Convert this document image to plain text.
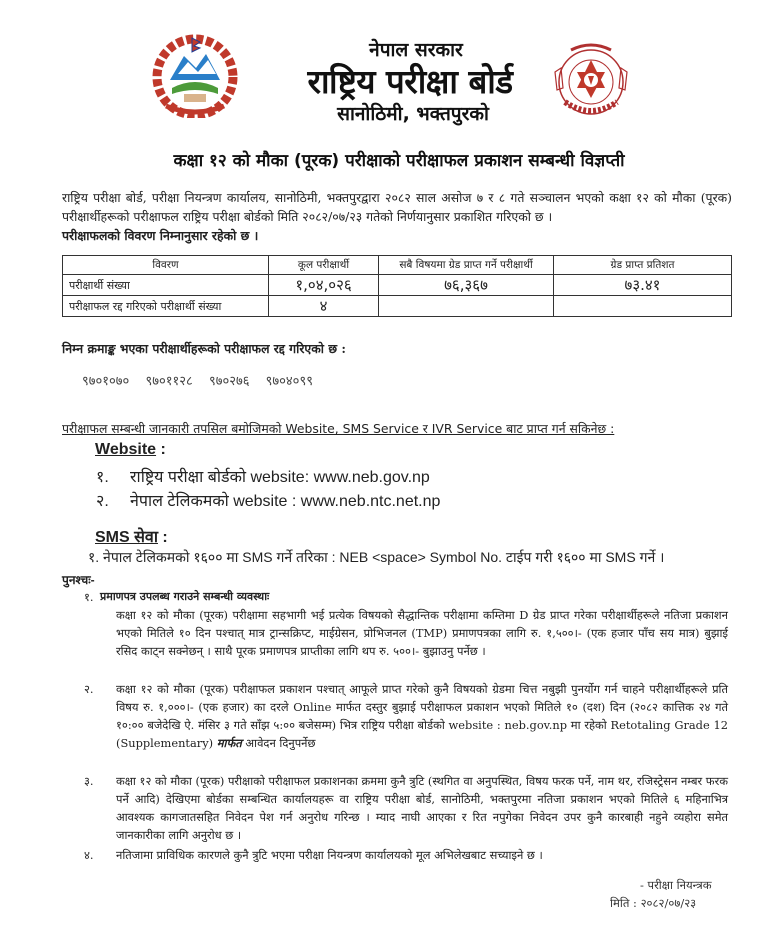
नेपाल सरकार
राष्ट्रिय परीक्षा बोर्ड
सानोठिमी, भक्तपुरको
कक्षा १२ को मौका (पूरक) परीक्षाको परीक्षाफल प्रकाशन सम्बन्धी विज्ञप्ती
राष्ट्रिय परीक्षा बोर्ड, परीक्षा नियन्त्रण कार्यालय, सानोठिमी, भक्तपुरद्वारा २०८२ साल असोज ७ र ८ गते सञ्चालन भएको कक्षा १२ को मौका (पूरक) परीक्षार्थीहरूको परीक्षाफल राष्ट्रिय परीक्षा बोर्डको मिति २०८२/०७/२३ गतेको निर्णयानुसार प्रकाशित गरिएको छ ।
परीक्षाफलको विवरण निम्नानुसार रहेको छ ।
विवरण	कूल परीक्षार्थी	सबै विषयमा ग्रेड प्राप्त गर्ने परीक्षार्थी	ग्रेड प्राप्त प्रतिशत
परीक्षार्थी संख्या	१,०४,०२६	७६,३६७	७३.४१
परीक्षाफल रद्द गरिएको परीक्षार्थी संख्या	४		
निम्न क्रमाङ्क भएका परीक्षार्थीहरूको परीक्षाफल रद्द गरिएको छ :
९७०१०७० ९७०११२८ ९७०२७६ ९७०४०९९
परीक्षाफल सम्बन्धी जानकारी तपसिल बमोजिमको Website, SMS Service र IVR Service बाट प्राप्त गर्न सकिनेछ :
Website :
१. राष्ट्रिय परीक्षा बोर्डको website: www.neb.gov.np
२. नेपाल टेलिकमको website : www.neb.ntc.net.np
SMS सेवा :
१. नेपाल टेलिकमको १६०० मा SMS गर्ने तरिका : NEB <space> Symbol No. टाईप गरी १६०० मा SMS गर्ने ।
पुनश्चः-
१. प्रमाणपत्र उपलब्ध गराउने सम्बन्धी व्यवस्थाः
कक्षा १२ को मौका (पूरक) परीक्षामा सहभागी भई प्रत्येक विषयको सैद्धान्तिक परीक्षामा कम्तिमा D ग्रेड प्राप्त गरेका परीक्षार्थीहरूले नतिजा प्रकाशन भएको मितिले १० दिन पश्चात् मात्र ट्रान्सक्रिप्ट, माईग्रेसन, प्रोभिजनल (TMP) प्रमाणपत्रका लागि रु. १,५००।- (एक हजार पाँच सय मात्र) बुझाई रसिद काट्न सक्नेछन् । साथै पूरक प्रमाणपत्र प्राप्तीका लागि थप रु. ५००।- बुझाउनु पर्नेछ ।
२.	कक्षा १२ को मौका (पूरक) परीक्षाफल प्रकाशन पश्चात् आफूले प्राप्त गरेको कुनै विषयको ग्रेडमा चित्त नबुझी पुनर्योग गर्न चाहने परीक्षार्थीहरूले प्रति विषय रु. १,०००।- (एक हजार) का दरले Online मार्फत दस्तुर बुझाई परीक्षाफल प्रकाशन भएको मितिले १० (दश) दिन (२०८२ कात्तिक २४ गते १०:०० बजेदेखि ऐ. मंसिर ३ गते साँझ ५:०० बजेसम्म) भित्र राष्ट्रिय परीक्षा बोर्डको website : neb.gov.np मा रहेको Retotaling Grade 12 (Supplementary) मार्फत आवेदन दिनुपर्नेछ
३.	कक्षा १२ को मौका (पूरक) परीक्षाको परीक्षाफल प्रकाशनका क्रममा कुनै त्रुटि (स्थगित वा अनुपस्थित, विषय फरक पर्ने, नाम थर, रजिस्ट्रेसन नम्बर फरक पर्ने आदि) देखिएमा बोर्डका सम्बन्धित कार्यालयहरू वा राष्ट्रिय परीक्षा बोर्ड, सानोठिमी, भक्तपुरमा नतिजा प्रकाशन भएको मितिले ६ महिनाभित्र आवश्यक कागजातसहित निवेदन पेश गर्न अनुरोध गरिन्छ । म्याद नाघी आएका र रित नपुगेका निवेदन उपर कुनै कारबाही नहुने व्यहोरा समेत जानकारीका लागि अनुरोध छ ।
४.	नतिजामा प्राविधिक कारणले कुनै त्रुटि भएमा परीक्षा नियन्त्रण कार्यालयको मूल अभिलेखबाट सच्याइने छ ।
- परीक्षा नियन्त्रक
मिति : २०८२/०७/२३
